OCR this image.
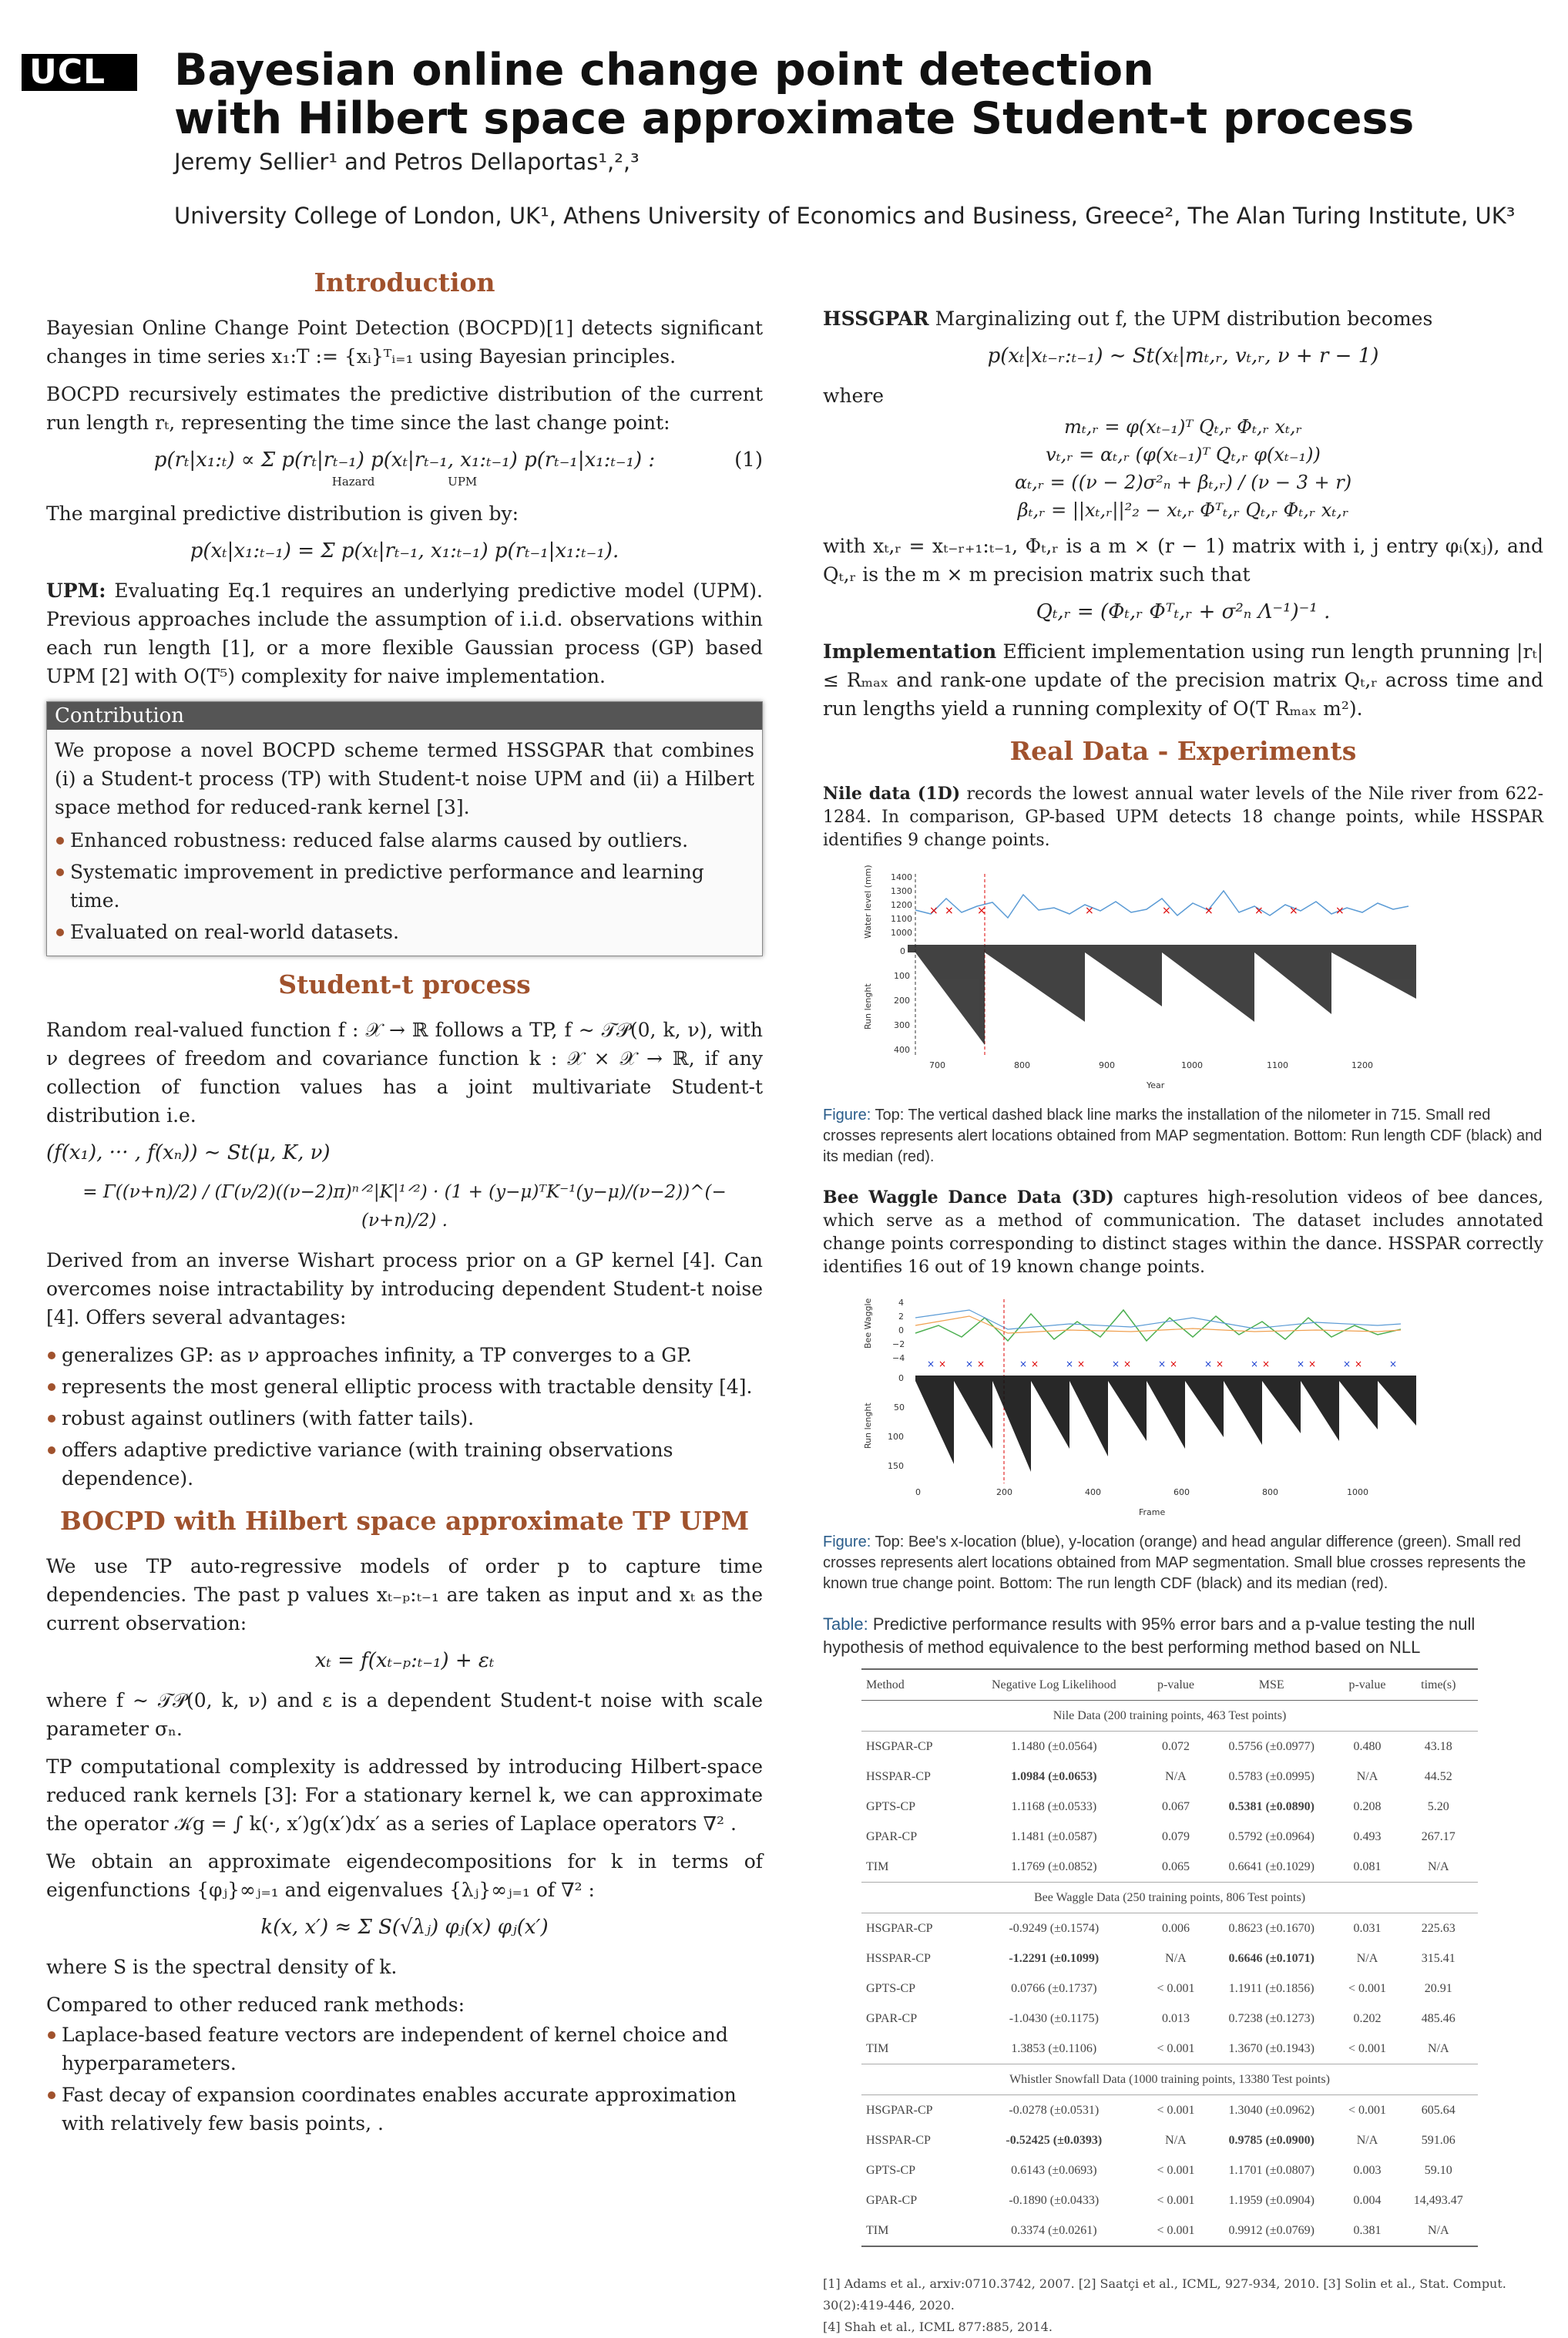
UCL	Bayesian online change point detection
with Hilbert space approximate Student-t process
Jeremy Sellier¹ and Petros Dellaportas¹,²,³
University College of London, UK¹, Athens University of Economics and Business, Greece², The Alan Turing Institute, UK³
Introduction

Bayesian Online Change Point Detection (BOCPD)[1] detects significant changes in time series x₁:T := {xᵢ}ᵀᵢ₌₁ using Bayesian principles.

BOCPD recursively estimates the predictive distribution of the current run length rₜ, representing the time since the last change point:

p(rₜ|x₁:ₜ) ∝ Σ p(rₜ|rₜ₋₁) p(xₜ|rₜ₋₁, x₁:ₜ₋₁) p(rₜ₋₁|x₁:ₜ₋₁) :	(1)
Hazard	UPM

The marginal predictive distribution is given by:

p(xₜ|x₁:ₜ₋₁) = Σ p(xₜ|rₜ₋₁, x₁:ₜ₋₁) p(rₜ₋₁|x₁:ₜ₋₁).

UPM: Evaluating Eq.1 requires an underlying predictive model (UPM). Previous approaches include the assumption of i.i.d. observations within each run length [1], or a more flexible Gaussian process (GP) based UPM [2] with O(T⁵) complexity for naive implementation.

Contribution

We propose a novel BOCPD scheme termed HSSGPAR that combines (i) a Student-t process (TP) with Student-t noise UPM and (ii) a Hilbert space method for reduced-rank kernel [3].

Enhanced robustness: reduced false alarms caused by outliers.
Systematic improvement in predictive performance and learning time.
Evaluated on real-world datasets.
Student-t process

Random real-valued function f : 𝒳 → ℝ follows a TP, f ∼ 𝒯𝒫(0, k, ν), with ν degrees of freedom and covariance function k : 𝒳 × 𝒳 → ℝ, if any collection of function values has a joint multivariate Student-t distribution i.e.

(f(x₁), ··· , f(xₙ)) ∼ St(μ, K, ν)
= Γ((ν+n)/2) / (Γ(ν/2)((ν−2)π)ⁿᐟ²|K|¹ᐟ²) · (1 + (y−μ)ᵀK⁻¹(y−μ)/(ν−2))^(−(ν+n)/2) .

Derived from an inverse Wishart process prior on a GP kernel [4]. Can overcomes noise intractability by introducing dependent Student-t noise [4]. Offers several advantages:

generalizes GP: as ν approaches infinity, a TP converges to a GP.
represents the most general elliptic process with tractable density [4].
robust against outliners (with fatter tails).
offers adaptive predictive variance (with training observations dependence).
BOCPD with Hilbert space approximate TP UPM

We use TP auto-regressive models of order p to capture time dependencies. The past p values xₜ₋ₚ:ₜ₋₁ are taken as input and xₜ as the current observation:

xₜ = f(xₜ₋ₚ:ₜ₋₁) + εₜ

where f ∼ 𝒯𝒫(0, k, ν) and ε is a dependent Student-t noise with scale parameter σₙ.

TP computational complexity is addressed by introducing Hilbert-space reduced rank kernels [3]: For a stationary kernel k, we can approximate the operator 𝒦g = ∫ k(·, x′)g(x′)dx′ as a series of Laplace operators ∇² .

We obtain an approximate eigendecompositions for k in terms of eigenfunctions {φⱼ}∞ⱼ₌₁ and eigenvalues {λⱼ}∞ⱼ₌₁ of ∇² :

k(x, x′) ≈ Σ S(√λⱼ) φⱼ(x) φⱼ(x′)

where S is the spectral density of k.

Compared to other reduced rank methods:

Laplace-based feature vectors are independent of kernel choice and hyperparameters.
Fast decay of expansion coordinates enables accurate approximation with relatively few basis points, .

HSSGPAR Marginalizing out f, the UPM distribution becomes

p(xₜ|xₜ₋ᵣ:ₜ₋₁) ∼ St(xₜ|mₜ,ᵣ, vₜ,ᵣ, ν + r − 1)

where

mₜ,ᵣ = φ(xₜ₋₁)ᵀ Qₜ,ᵣ Φₜ,ᵣ xₜ,ᵣ
vₜ,ᵣ = αₜ,ᵣ (φ(xₜ₋₁)ᵀ Qₜ,ᵣ φ(xₜ₋₁))
αₜ,ᵣ = ((ν − 2)σ²ₙ + βₜ,ᵣ) / (ν − 3 + r)
βₜ,ᵣ = ||xₜ,ᵣ||²₂ − xₜ,ᵣ Φᵀₜ,ᵣ Qₜ,ᵣ Φₜ,ᵣ xₜ,ᵣ

with xₜ,ᵣ = xₜ₋ᵣ₊₁:ₜ₋₁, Φₜ,ᵣ is a m × (r − 1) matrix with i, j entry φᵢ(xⱼ), and Qₜ,ᵣ is the m × m precision matrix such that

Qₜ,ᵣ = (Φₜ,ᵣ Φᵀₜ,ᵣ + σ²ₙ Λ⁻¹)⁻¹ .

Implementation Efficient implementation using run length prunning |rₜ| ≤ Rₘₐₓ and rank-one update of the precision matrix Qₜ,ᵣ across time and run lengths yield a running complexity of O(T Rₘₐₓ m²).

Real Data - Experiments

Nile data (1D) records the lowest annual water levels of the Nile river from 622-1284. In comparison, GP-based UPM detects 18 change points, while HSSPAR identifies 9 change points.

Water level (mm)
Run lenght
Year
1400
1300
1200
1100
1000
0
100
200
300
400
700	800	900	1000	1100	1200
× × ×	×	×	×	× ×	×
Figure: Top: The vertical dashed black line marks the installation of the nilometer in 715. Small red crosses represents alert locations obtained from MAP segmentation. Bottom: Run length CDF (black) and its median (red).

Bee Waggle Dance Data (3D) captures high-resolution videos of bee dances, which serve as a method of communication. The dataset includes annotated change points corresponding to distinct stages within the dance. HSSPAR correctly identifies 16 out of 19 known change points.

Bee Waggle
Run lenght
Frame
4
2
0
−2
−4
0
50
100
150
0	200	400	600	800	1000
×	×	×	×	×	×	×	×	×	×
×	×	×	×	×	×	×	×	×	×	×
Figure: Top: Bee's x-location (blue), y-location (orange) and head angular difference (green). Small red crosses represents alert locations obtained from MAP segmentation. Small blue crosses represents the known true change point. Bottom: The run length CDF (black) and its median (red).
Table: Predictive performance results with 95% error bars and a p-value testing the null hypothesis of method equivalence to the best performing method based on NLL
Method	Negative Log Likelihood	p-value	MSE	p-value	time(s)
Nile Data (200 training points, 463 Test points)					
HSGPAR-CP	1.1480 (±0.0564)	0.072	0.5756 (±0.0977)	0.480	43.18
HSSPAR-CP	1.0984 (±0.0653)	N/A	0.5783 (±0.0995)	N/A	44.52
GPTS-CP	1.1168 (±0.0533)	0.067	0.5381 (±0.0890)	0.208	5.20
GPAR-CP	1.1481 (±0.0587)	0.079	0.5792 (±0.0964)	0.493	267.17
TIM	1.1769 (±0.0852)	0.065	0.6641 (±0.1029)	0.081	N/A
Bee Waggle Data (250 training points, 806 Test points)					
HSGPAR-CP	-0.9249 (±0.1574)	0.006	0.8623 (±0.1670)	0.031	225.63
HSSPAR-CP	-1.2291 (±0.1099)	N/A	0.6646 (±0.1071)	N/A	315.41
GPTS-CP	0.0766 (±0.1737)	< 0.001	1.1911 (±0.1856)	< 0.001	20.91
GPAR-CP	-1.0430 (±0.1175)	0.013	0.7238 (±0.1273)	0.202	485.46
TIM	1.3853 (±0.1106)	< 0.001	1.3670 (±0.1943)	< 0.001	N/A
Whistler Snowfall Data (1000 training points, 13380 Test points)					
HSGPAR-CP	-0.0278 (±0.0531)	< 0.001	1.3040 (±0.0962)	< 0.001	605.64
HSSPAR-CP	-0.52425 (±0.0393)	N/A	0.9785 (±0.0900)	N/A	591.06
GPTS-CP	0.6143 (±0.0693)	< 0.001	1.1701 (±0.0807)	0.003	59.10
GPAR-CP	-0.1890 (±0.0433)	< 0.001	1.1959 (±0.0904)	0.004	14,493.47
TIM	0.3374 (±0.0261)	< 0.001	0.9912 (±0.0769)	0.381	N/A
[1] Adams et al., arxiv:0710.3742, 2007. [2] Saatçi et al., ICML, 927-934, 2010. [3] Solin et al., Stat. Comput. 30(2):419-446, 2020.
[4] Shah et al., ICML 877:885, 2014.
